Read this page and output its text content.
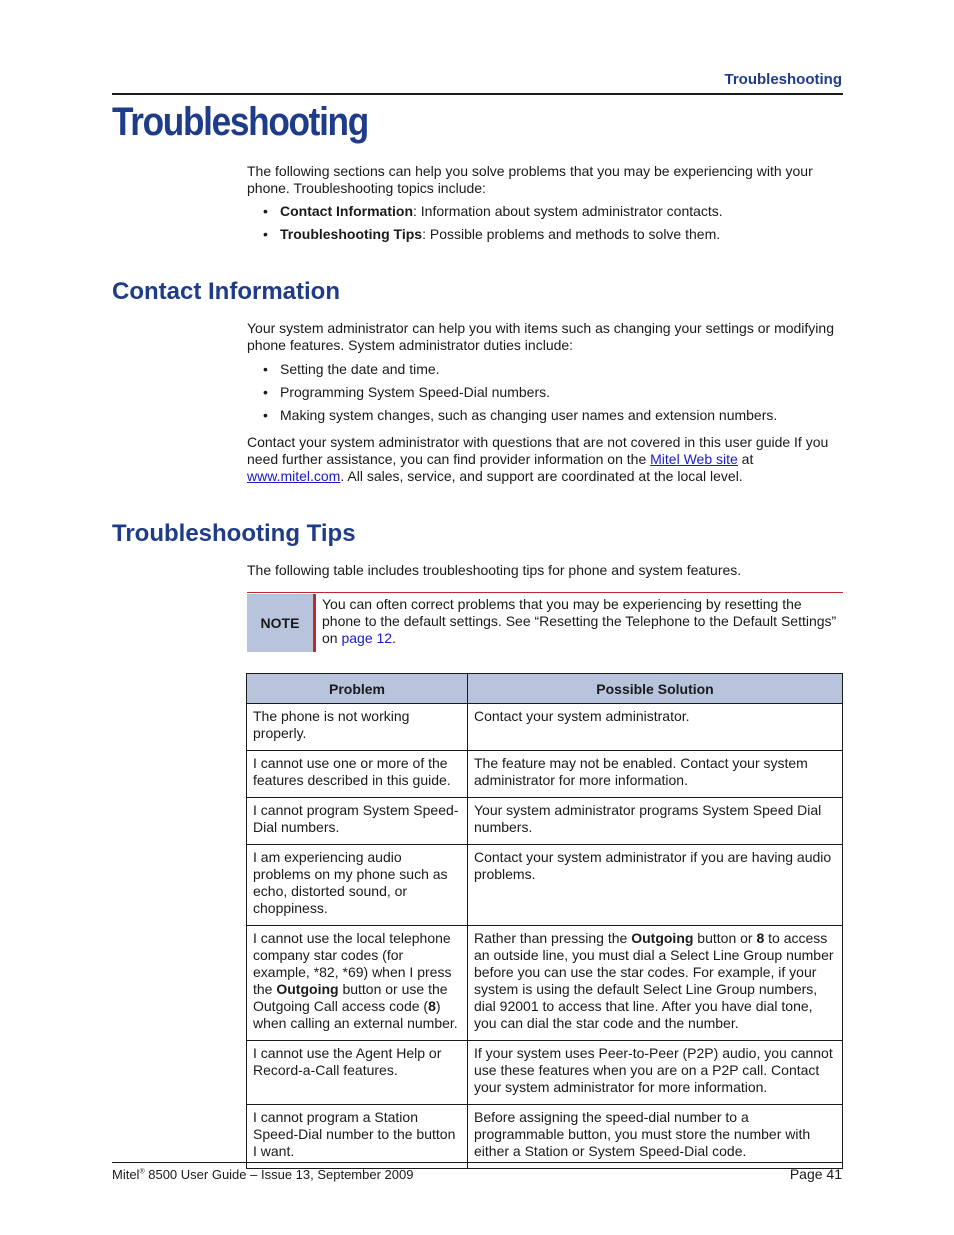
Troubleshooting
Troubleshooting

The following sections can help you solve problems that you may be experiencing with your phone. Troubleshooting topics include:

• Contact Information: Information about system administrator contacts.
• Troubleshooting Tips: Possible problems and methods to solve them.
Contact Information

Your system administrator can help you with items such as changing your settings or modifying phone features. System administrator duties include:

• Setting the date and time.
• Programming System Speed-Dial numbers.
• Making system changes, such as changing user names and extension numbers.

Contact your system administrator with questions that are not covered in this user guide If you need further assistance, you can find provider information on the Mitel Web site at www.mitel.com. All sales, service, and support are coordinated at the local level.

Troubleshooting Tips

The following table includes troubleshooting tips for phone and system features.

NOTE
You can often correct problems that you may be experiencing by resetting the phone to the default settings. See “Resetting the Telephone to the Default Settings” on page 12.
Problem	Possible Solution
The phone is not working properly.	Contact your system administrator.
I cannot use one or more of the features described in this guide.	The feature may not be enabled. Contact your system administrator for more information.
I cannot program System Speed-Dial numbers.	Your system administrator programs System Speed Dial numbers.
I am experiencing audio problems on my phone such as echo, distorted sound, or choppiness.	Contact your system administrator if you are having audio problems.
I cannot use the local telephone company star codes (for example, *82, *69) when I press the Outgoing button or use the Outgoing Call access code (8) when calling an external number.	Rather than pressing the Outgoing button or 8 to access an outside line, you must dial a Select Line Group number before you can use the star codes. For example, if your system is using the default Select Line Group numbers, dial 92001 to access that line. After you have dial tone, you can dial the star code and the number.
I cannot use the Agent Help or Record-a-Call features.	If your system uses Peer-to-Peer (P2P) audio, you cannot use these features when you are on a P2P call. Contact your system administrator for more information.
I cannot program a Station Speed-Dial number to the button I want.	Before assigning the speed-dial number to a programmable button, you must store the number with either a Station or System Speed-Dial code.
Mitel® 8500 User Guide – Issue 13, September 2009	Page 41
